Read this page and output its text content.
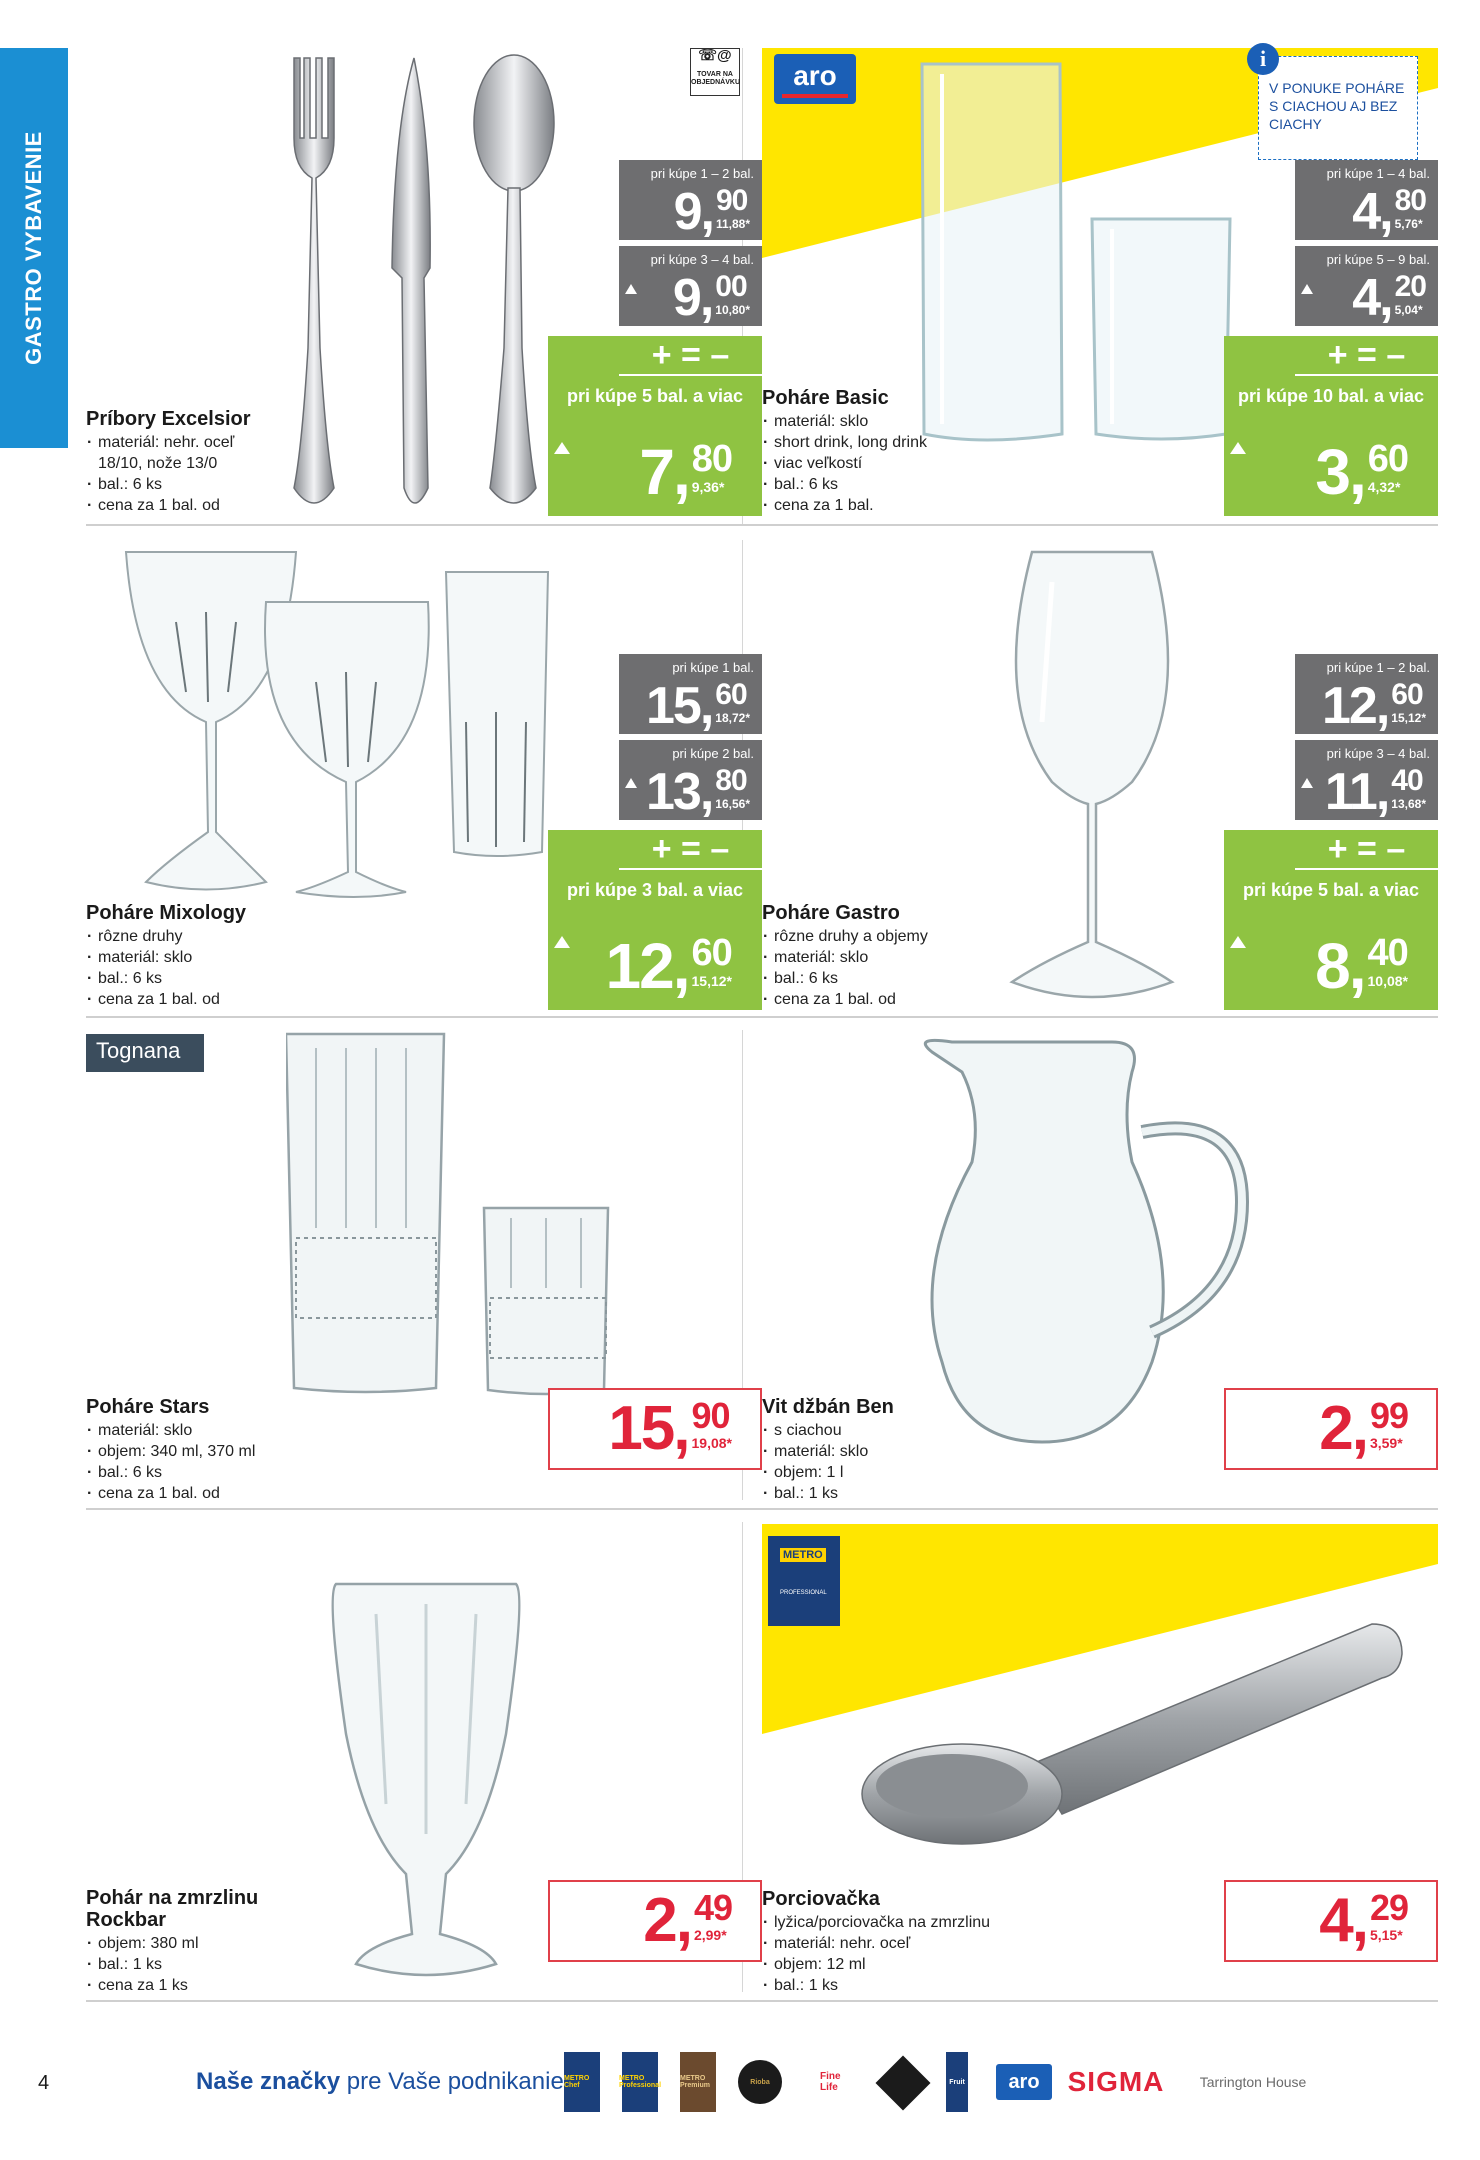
GASTRO VYBAVENIE
☏@
TOVAR NA OBJEDNÁVKU
Príbory Excelsior
· materiál: nehr. oceľ 18/10, nože 13/0
· bal.: 6 ks
· cena za 1 bal. od
pri kúpe 1 – 2 bal.
9 , 90
11,88*
pri kúpe 3 – 4 bal.
9 , 00
10,80*
+ = –
pri kúpe 5 bal. a viac
7 , 80
9,36*
aro
i
V PONUKE POHÁRE S CIACHOU AJ BEZ CIACHY
Poháre Basic
· materiál: sklo
· short drink, long drink
· viac veľkostí
· bal.: 6 ks
· cena za 1 bal.
pri kúpe 1 – 4 bal.
4 , 80
5,76*
pri kúpe 5 – 9 bal.
4 , 20
5,04*
+ = –
pri kúpe 10 bal. a viac
3 , 60
4,32*
Poháre Mixology
· rôzne druhy
· materiál: sklo
· bal.: 6 ks
· cena za 1 bal. od
pri kúpe 1 bal.
15 , 60
18,72*
pri kúpe 2 bal.
13 , 80
16,56*
+ = –
pri kúpe 3 bal. a viac
12 , 60
15,12*
Poháre Gastro
· rôzne druhy a objemy
· materiál: sklo
· bal.: 6 ks
· cena za 1 bal. od
pri kúpe 1 – 2 bal.
12 , 60
15,12*
pri kúpe 3 – 4 bal.
11 , 40
13,68*
+ = –
pri kúpe 5 bal. a viac
8 , 40
10,08*
Tognana
Poháre Stars
· materiál: sklo
· objem: 340 ml, 370 ml
· bal.: 6 ks
· cena za 1 bal. od
15 , 90
19,08*
Vit džbán Ben
· s ciachou
· materiál: sklo
· objem: 1 l
· bal.: 1 ks
2 , 99
3,59*
Pohár na zmrzlinu Rockbar
· objem: 380 ml
· bal.: 1 ks
· cena za 1 ks
2 , 49
2,99*
METRO
PROFESSIONAL
Porciovačka
· lyžica/porciovačka na zmrzlinu
· materiál: nehr. oceľ
· objem: 12 ml
· bal.: 1 ks
4 , 29
5,15*
4	Naše značky pre Vaše podnikanie METRO Chef
METRO Professional
METRO Premium	Rioba	Fine Life	Fruit aro SIGMA	Tarrington House
